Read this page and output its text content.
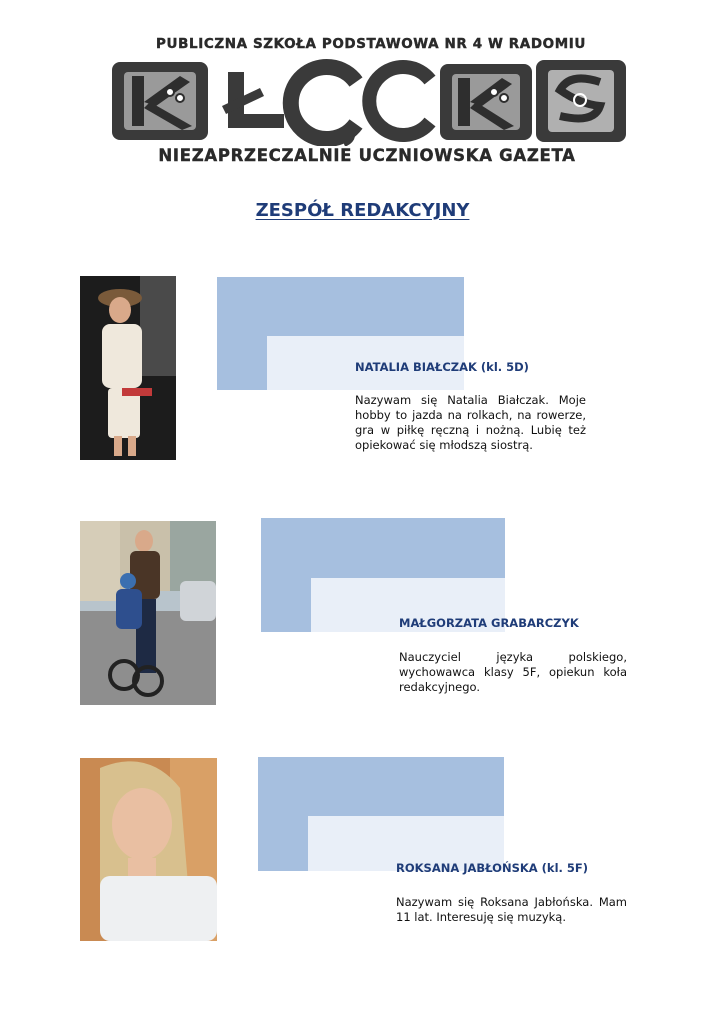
PUBLICZNA SZKOŁA PODSTAWOWA NR 4 W RADOMIU
NIEZAPRZECZALNIE UCZNIOWSKA GAZETA
ZESPÓŁ REDAKCYJNY
NATALIA BIAŁCZAK (kl. 5D)
Nazywam się Natalia Białczak. Moje hobby to jazda na rolkach, na rowerze, gra w piłkę ręczną i nożną. Lubię też opiekować się młodszą siostrą.
MAŁGORZATA GRABARCZYK
Nauczyciel języka polskiego, wychowawca klasy 5F, opiekun koła redakcyjnego.
ROKSANA JABŁOŃSKA (kl. 5F)
Nazywam się Roksana Jabłońska. Mam 11 lat. Interesuję się muzyką.
